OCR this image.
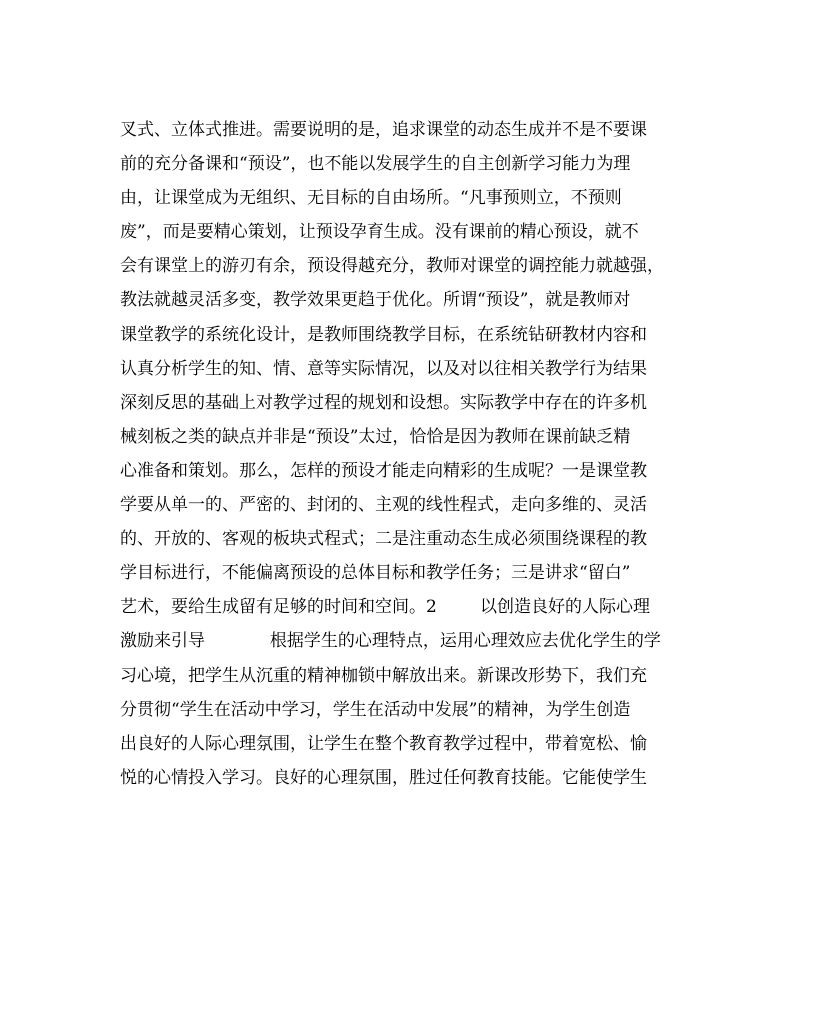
叉式、立体式推进。需要说明的是，追求课堂的动态生成并不是不要课
前的充分备课和“预设”，也不能以发展学生的自主创新学习能力为理
由，让课堂成为无组织、无目标的自由场所。“凡事预则立，不预则
废”，而是要精心策划，让预设孕育生成。没有课前的精心预设，就不
会有课堂上的游刃有余，预设得越充分，教师对课堂的调控能力就越强，
教法就越灵活多变，教学效果更趋于优化。所谓“预设”，就是教师对
课堂教学的系统化设计，是教师围绕教学目标，在系统钻研教材内容和
认真分析学生的知、情、意等实际情况，以及对以往相关教学行为结果
深刻反思的基础上对教学过程的规划和设想。实际教学中存在的许多机
械刻板之类的缺点并非是“预设”太过，恰恰是因为教师在课前缺乏精
心准备和策划。那么，怎样的预设才能走向精彩的生成呢？一是课堂教
学要从单一的、严密的、封闭的、主观的线性程式，走向多维的、灵活
的、开放的、客观的板块式程式；二是注重动态生成必须围绕课程的教
学目标进行，不能偏离预设的总体目标和教学任务；三是讲求“留白”
艺术，要给生成留有足够的时间和空间。2        以创造良好的人际心理
激励来引导            根据学生的心理特点，运用心理效应去优化学生的学
习心境，把学生从沉重的精神枷锁中解放出来。新课改形势下，我们充
分贯彻“学生在活动中学习，学生在活动中发展”的精神，为学生创造
出良好的人际心理氛围，让学生在整个教育教学过程中，带着宽松、愉
悦的心情投入学习。良好的心理氛围，胜过任何教育技能。它能使学生
